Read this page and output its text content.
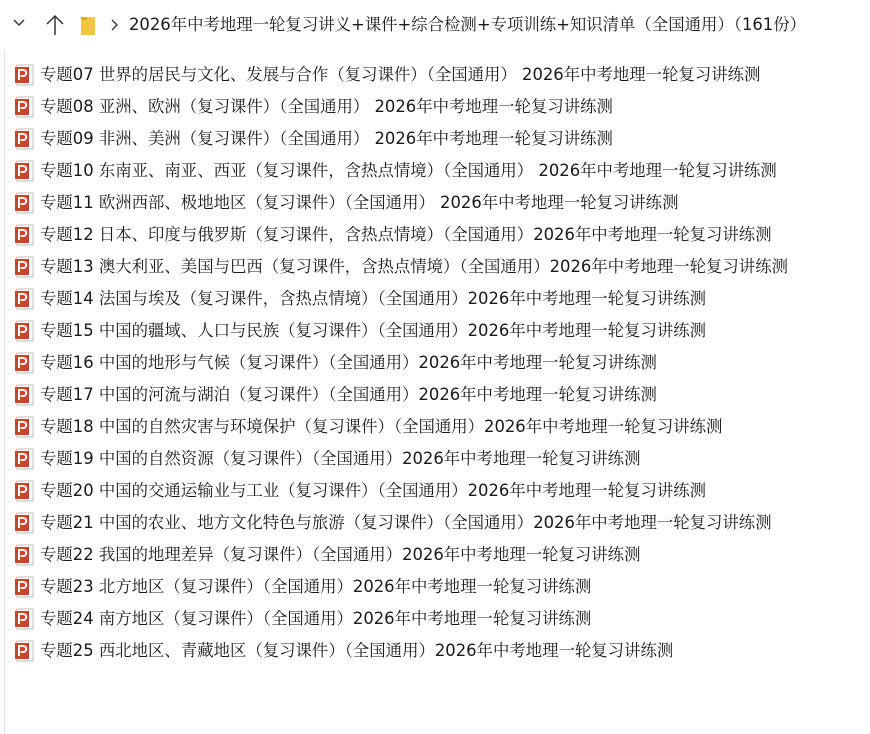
2026年中考地理一轮复习讲义+课件+综合检测+专项训练+知识清单（全国通用）（161份）
专题07 世界的居民与文化、发展与合作（复习课件）（全国通用） 2026年中考地理一轮复习讲练测
专题08 亚洲、欧洲（复习课件）（全国通用） 2026年中考地理一轮复习讲练测
专题09 非洲、美洲（复习课件）（全国通用） 2026年中考地理一轮复习讲练测
专题10 东南亚、南亚、西亚（复习课件，含热点情境）（全国通用） 2026年中考地理一轮复习讲练测
专题11 欧洲西部、极地地区（复习课件）（全国通用） 2026年中考地理一轮复习讲练测
专题12 日本、印度与俄罗斯（复习课件，含热点情境）（全国通用）2026年中考地理一轮复习讲练测
专题13 澳大利亚、美国与巴西（复习课件，含热点情境）（全国通用）2026年中考地理一轮复习讲练测
专题14 法国与埃及（复习课件，含热点情境）（全国通用）2026年中考地理一轮复习讲练测
专题15 中国的疆域、人口与民族（复习课件）（全国通用）2026年中考地理一轮复习讲练测
专题16 中国的地形与气候（复习课件）（全国通用）2026年中考地理一轮复习讲练测
专题17 中国的河流与湖泊（复习课件）（全国通用）2026年中考地理一轮复习讲练测
专题18 中国的自然灾害与环境保护（复习课件）（全国通用）2026年中考地理一轮复习讲练测
专题19 中国的自然资源（复习课件）（全国通用）2026年中考地理一轮复习讲练测
专题20 中国的交通运输业与工业（复习课件）（全国通用）2026年中考地理一轮复习讲练测
专题21 中国的农业、地方文化特色与旅游（复习课件）（全国通用）2026年中考地理一轮复习讲练测
专题22 我国的地理差异（复习课件）（全国通用）2026年中考地理一轮复习讲练测
专题23 北方地区（复习课件）（全国通用）2026年中考地理一轮复习讲练测
专题24 南方地区（复习课件）（全国通用）2026年中考地理一轮复习讲练测
专题25 西北地区、青藏地区（复习课件）（全国通用）2026年中考地理一轮复习讲练测
